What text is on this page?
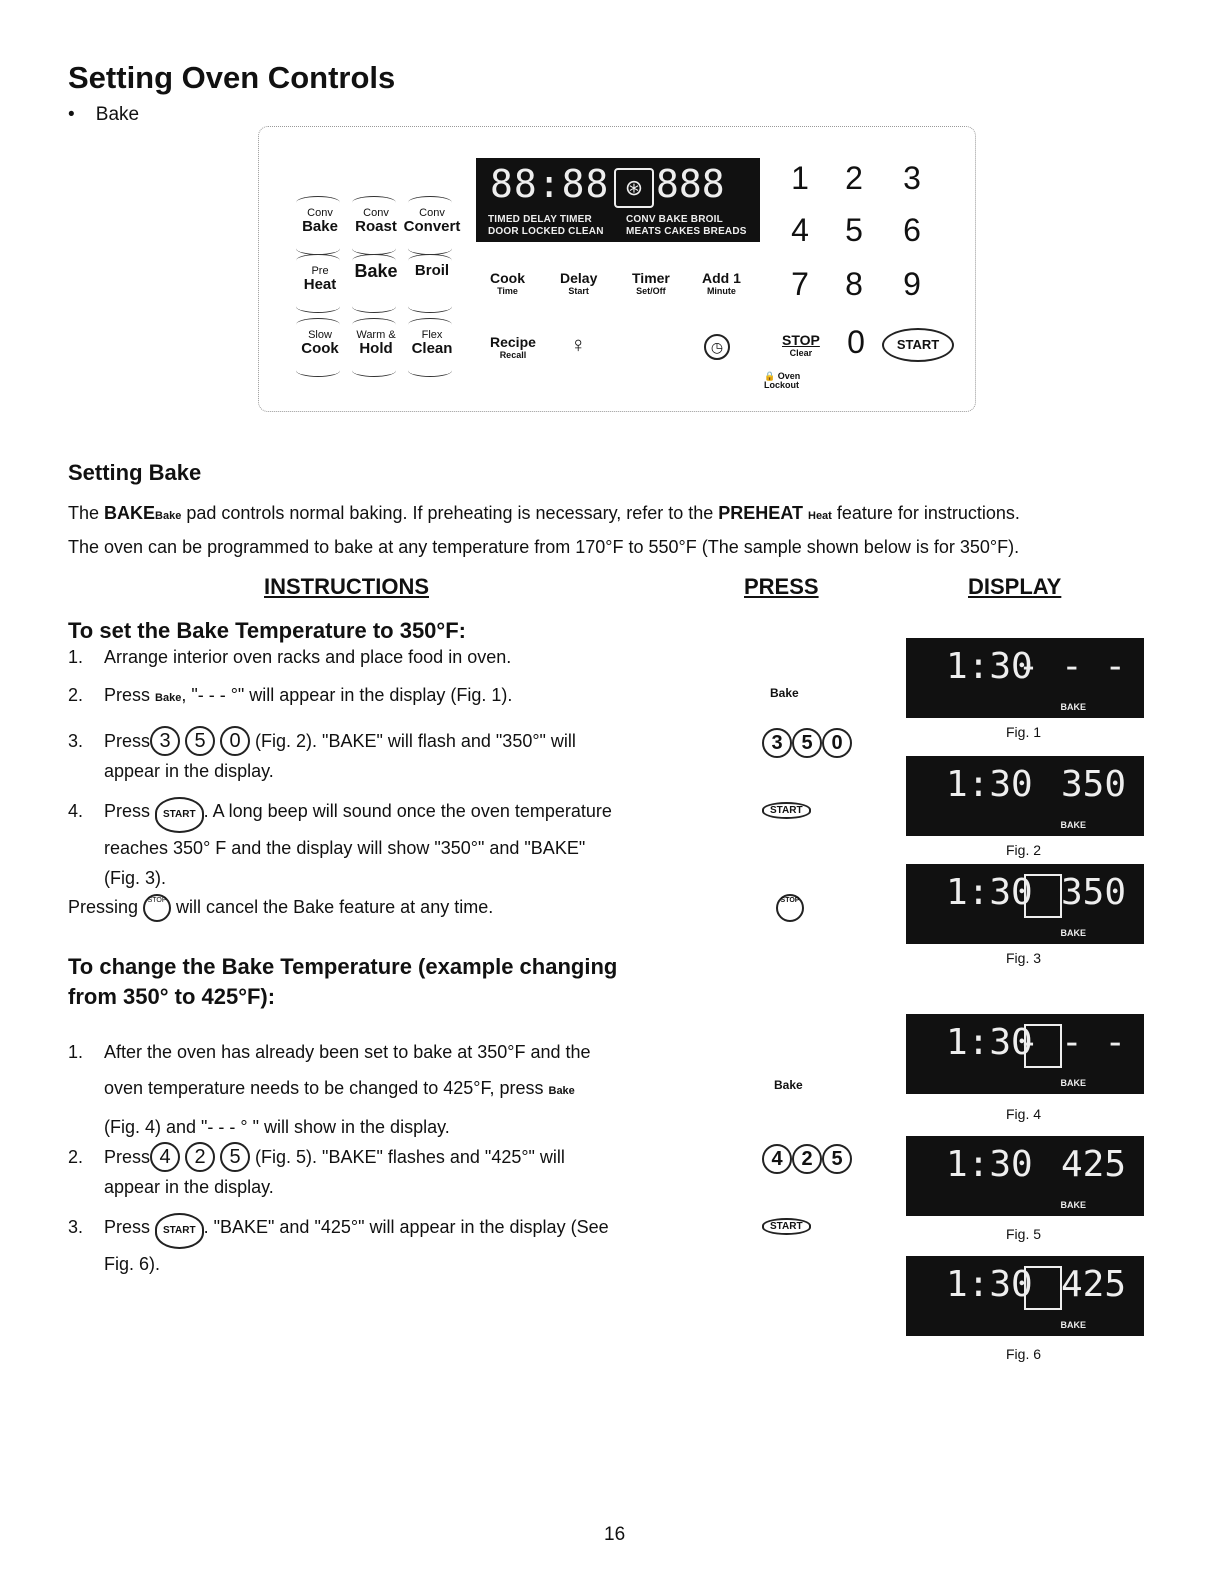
Setting Oven Controls
•    Bake
Conv
Bake
Conv
Roast
Conv
Convert
Pre
Heat
Bake	Broil
Slow
Cook
Warm &
Hold
Flex
Clean
88:88 ⊛ 888
TIMED DELAY TIMER	CONV BAKE BROIL
DOOR LOCKED CLEAN MEATS CAKES BREADS
Cook
Time
Delay
Start
Timer
Set/Off
Add 1
Minute
Recipe
Recall	♀	◷
1 2 3
4 5 6
7 8 9
0
STOP
Clear
START
🔒 Oven
Lockout
Setting Bake
The BAKEBake pad controls normal baking. If preheating is necessary, refer to the PREHEAT Heat feature for instructions.
The oven can be programmed to bake at any temperature from 170°F to 550°F (The sample shown below is for 350°F).
INSTRUCTIONS	PRESS	DISPLAY
To set the Bake Temperature to 350°F:
1. Arrange interior oven racks and place food in oven.
2. Press Bake, "- - - °" will appear in the display (Fig. 1).
3. Press 3 5 0 (Fig. 2). "BAKE" will flash and "350°" will
appear in the display.
4. Press START . A long beep will sound once the oven temperature
reaches 350° F and the display will show "350°" and "BAKE"
(Fig. 3).
Pressing STOP will cancel the Bake feature at any time.
Bake
3 5 0
START
STOP
To change the Bake Temperature (example changing
from 350° to 425°F):
1. After the oven has already been set to bake at 350°F and the
oven temperature needs to be changed to 425°F, press Bake
(Fig. 4) and "- - - ° " will show in the display.
2. Press 4 2 5 (Fig. 5). "BAKE" flashes and "425°" will
appear in the display.
3. Press START . "BAKE" and "425°" will appear in the display (See
Fig. 6).
Bake
4 2 5
START
1:30
- - -
BAKE
Fig. 1
1:30 350
BAKE
Fig. 2
1:30 350
BAKE
Fig. 3
1:30
- - -
BAKE
Fig. 4
1:30 425
BAKE
Fig. 5
1:30 425
BAKE
Fig. 6
16
